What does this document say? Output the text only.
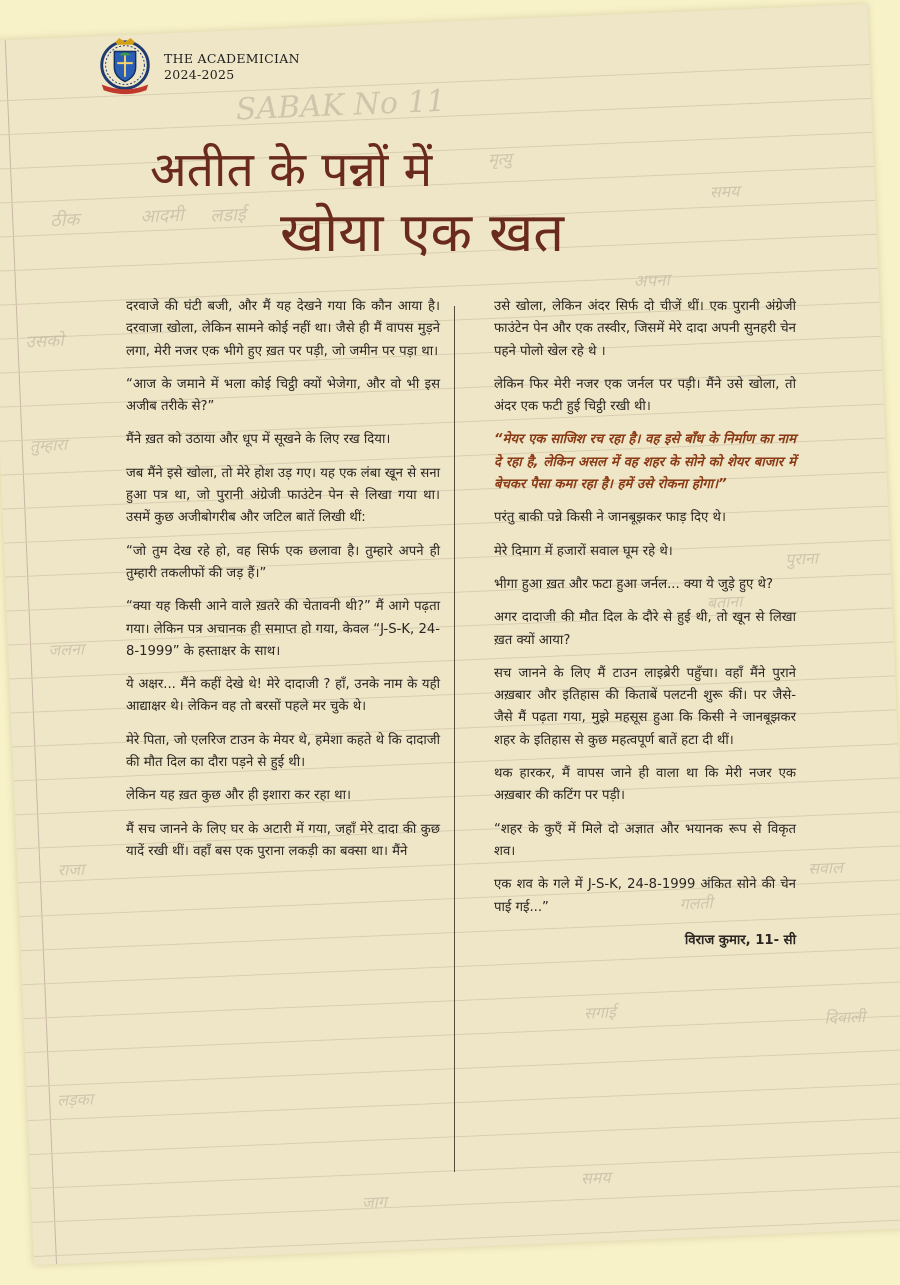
SABAK No 11
ठीक	आदमी लडाई
मृत्यु
समय
उसको
अपना
तुम्हारा
पुराना
बताना
सवाल
जलना
दिवाली
राजा
गलती
सगाई
लड़का
जाग
समय
THE ACADEMICIAN
2024-2025
अतीत के पन्नों में
खोया एक खत

दरवाजे की घंटी बजी, और मैं यह देखने गया कि कौन आया है। दरवाजा खोला, लेकिन सामने कोई नहीं था। जैसे ही मैं वापस मुड़ने लगा, मेरी नजर एक भीगे हुए ख़त पर पड़ी, जो जमीन पर पड़ा था।

“आज के जमाने में भला कोई चिट्ठी क्यों भेजेगा, और वो भी इस अजीब तरीके से?”

मैंने ख़त को उठाया और धूप में सूखने के लिए रख दिया।

जब मैंने इसे खोला, तो मेरे होश उड़ गए। यह एक लंबा खून से सना हुआ पत्र था, जो पुरानी अंग्रेजी फाउंटेन पेन से लिखा गया था। उसमें कुछ अजीबोगरीब और जटिल बातें लिखी थीं:

“जो तुम देख रहे हो, वह सिर्फ एक छलावा है। तुम्हारे अपने ही तुम्हारी तकलीफों की जड़ हैं।”

“क्या यह किसी आने वाले ख़तरे की चेतावनी थी?” मैं आगे पढ़ता गया। लेकिन पत्र अचानक ही समाप्त हो गया, केवल “J-S-K, 24-8-1999” के हस्ताक्षर के साथ।

ये अक्षर... मैंने कहीं देखे थे! मेरे दादाजी ? हाँ, उनके नाम के यही आद्याक्षर थे। लेकिन वह तो बरसों पहले मर चुके थे।

मेरे पिता, जो एलरिज टाउन के मेयर थे, हमेशा कहते थे कि दादाजी की मौत दिल का दौरा पड़ने से हुई थी।

लेकिन यह ख़त कुछ और ही इशारा कर रहा था।

मैं सच जानने के लिए घर के अटारी में गया, जहाँ मेरे दादा की कुछ यादें रखी थीं। वहाँ बस एक पुराना लकड़ी का बक्सा था। मैंने

उसे खोला, लेकिन अंदर सिर्फ दो चीजें थीं। एक पुरानी अंग्रेजी फाउंटेन पेन और एक तस्वीर, जिसमें मेरे दादा अपनी सुनहरी चेन पहने पोलो खेल रहे थे ।

लेकिन फिर मेरी नजर एक जर्नल पर पड़ी। मैंने उसे खोला, तो अंदर एक फटी हुई चिट्ठी रखी थी।

“मेयर एक साजिश रच रहा है। वह इसे बाँध के निर्माण का नाम दे रहा है, लेकिन असल में वह शहर के सोने को शेयर बाजार में बेचकर पैसा कमा रहा है। हमें उसे रोकना होगा।”

परंतु बाकी पन्ने किसी ने जानबूझकर फाड़ दिए थे।

मेरे दिमाग में हजारों सवाल घूम रहे थे।

भीगा हुआ ख़त और फटा हुआ जर्नल... क्या ये जुड़े हुए थे?

अगर दादाजी की मौत दिल के दौरे से हुई थी, तो खून से लिखा ख़त क्यों आया?

सच जानने के लिए मैं टाउन लाइब्रेरी पहुँचा। वहाँ मैंने पुराने अख़बार और इतिहास की किताबें पलटनी शुरू कीं। पर जैसे-जैसे मैं पढ़ता गया, मुझे महसूस हुआ कि किसी ने जानबूझकर शहर के इतिहास से कुछ महत्वपूर्ण बातें हटा दी थीं।

थक हारकर, मैं वापस जाने ही वाला था कि मेरी नजर एक अख़बार की कटिंग पर पड़ी।

“शहर के कुएँ में मिले दो अज्ञात और भयानक रूप से विकृत शव।

एक शव के गले में J-S-K, 24-8-1999 अंकित सोने की चेन पाई गई...”

विराज कुमार, 11- सी
